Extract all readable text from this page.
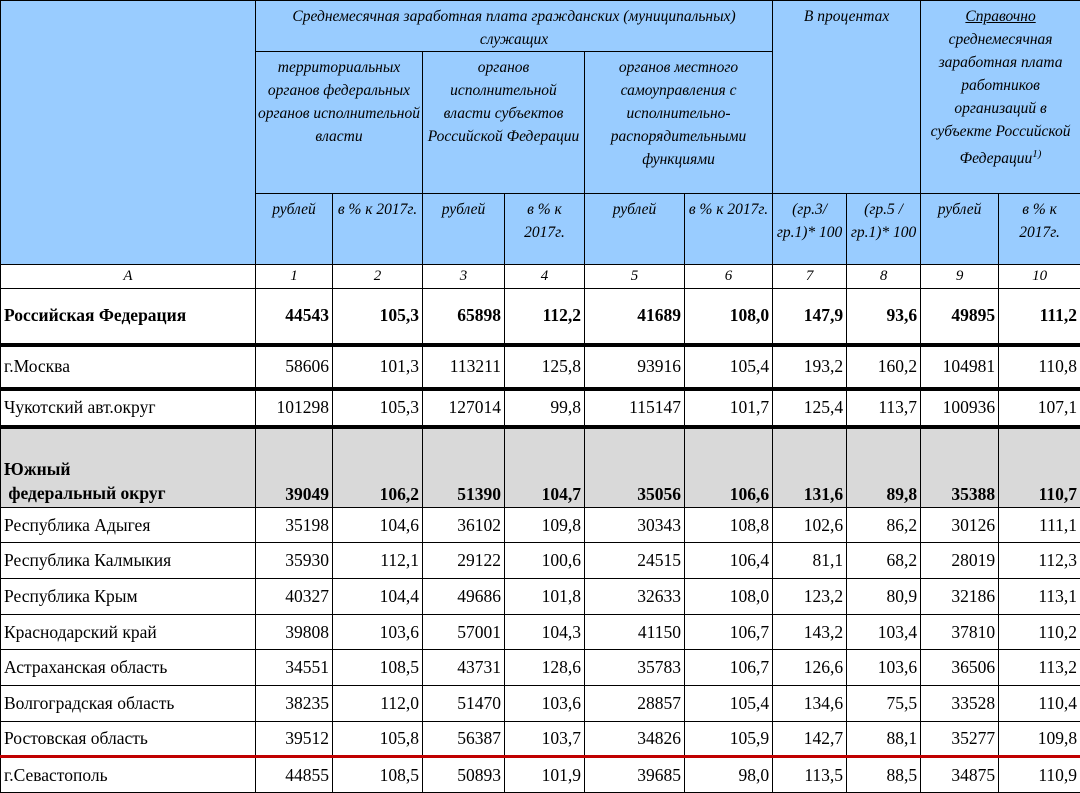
	Среднемесячная заработная плата гражданских (муниципальных) служащих						В процентах		Справочно
среднемесячная заработная плата работников организаций в субъекте Российской Федерации$^{1)}$
	территориальных органов федеральных органов исполнительной власти		органов исполнительной власти субъектов Российской Федерации		органов местного самоуправления с исполнительно-распорядительными функциями					
	рублей	в % к 2017г.	рублей	в % к 2017г.	рублей	в % к 2017г.	(гр.3/ гр.1)* 100	(гр.5 / гр.1)* 100	рублей	в % к 2017г.
А	1	2	3	4	5	6	7	8	9	10
Российская Федерация	44543	105,3	65898	112,2	41689	108,0	147,9	93,6	49895	111,2
г.Москва	58606	101,3	113211	125,8	93916	105,4	193,2	160,2	104981	110,8
Чукотский авт.округ	101298	105,3	127014	99,8	115147	101,7	125,4	113,7	100936	107,1
Южный
федеральный округ	39049	106,2	51390	104,7	35056	106,6	131,6	89,8	35388	110,7
Республика Адыгея	35198	104,6	36102	109,8	30343	108,8	102,6	86,2	30126	111,1
Республика Калмыкия	35930	112,1	29122	100,6	24515	106,4	81,1	68,2	28019	112,3
Республика Крым	40327	104,4	49686	101,8	32633	108,0	123,2	80,9	32186	113,1
Краснодарский край	39808	103,6	57001	104,3	41150	106,7	143,2	103,4	37810	110,2
Астраханская область	34551	108,5	43731	128,6	35783	106,7	126,6	103,6	36506	113,2
Волгоградская область	38235	112,0	51470	103,6	28857	105,4	134,6	75,5	33528	110,4
Ростовская область	39512	105,8	56387	103,7	34826	105,9	142,7	88,1	35277	109,8
г.Севастополь	44855	108,5	50893	101,9	39685	98,0	113,5	88,5	34875	110,9
